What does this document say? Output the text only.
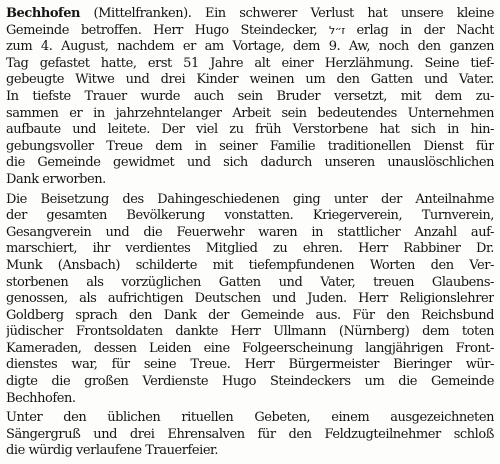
Bechhofen (Mittelfranken). Ein schwerer Verlust hat unsere kleine
Gemeinde betroffen. Herr Hugo Steindecker, ז״ל erlag in der Nacht
zum 4. August, nachdem er am Vortage, dem 9. Aw, noch den ganzen
Tag gefastet hatte, erst 51 Jahre alt einer Herzlähmung. Seine tief-
gebeugte Witwe und drei Kinder weinen um den Gatten und Vater.
In tiefste Trauer wurde auch sein Bruder versetzt, mit dem zu-
sammen er in jahrzehntelanger Arbeit sein bedeutendes Unternehmen
aufbaute und leitete. Der viel zu früh Verstorbene hat sich in hin-
gebungsvoller Treue dem in seiner Familie traditionellen Dienst für
die Gemeinde gewidmet und sich dadurch unseren unauslöschlichen
Dank erworben.

Die Beisetzung des Dahingeschiedenen ging unter der Anteilnahme
der gesamten Bevölkerung vonstatten. Kriegerverein, Turnverein,
Gesangverein und die Feuerwehr waren in stattlicher Anzahl auf-
marschiert, ihr verdientes Mitglied zu ehren. Herr Rabbiner Dr.
Munk (Ansbach) schilderte mit tiefempfundenen Worten den Ver-
storbenen als vorzüglichen Gatten und Vater, treuen Glaubens-
genossen, als aufrichtigen Deutschen und Juden. Herr Religionslehrer
Goldberg sprach den Dank der Gemeinde aus. Für den Reichsbund
jüdischer Frontsoldaten dankte Herr Ullmann (Nürnberg) dem toten
Kameraden, dessen Leiden eine Folgeerscheinung langjährigen Front-
dienstes war, für seine Treue. Herr Bürgermeister Bieringer wür-
digte die großen Verdienste Hugo Steindeckers um die Gemeinde
Bechhofen.

Unter den üblichen rituellen Gebeten, einem ausgezeichneten
Sängergruß und drei Ehrensalven für den Feldzugteilnehmer schloß
die würdig verlaufene Trauerfeier.
